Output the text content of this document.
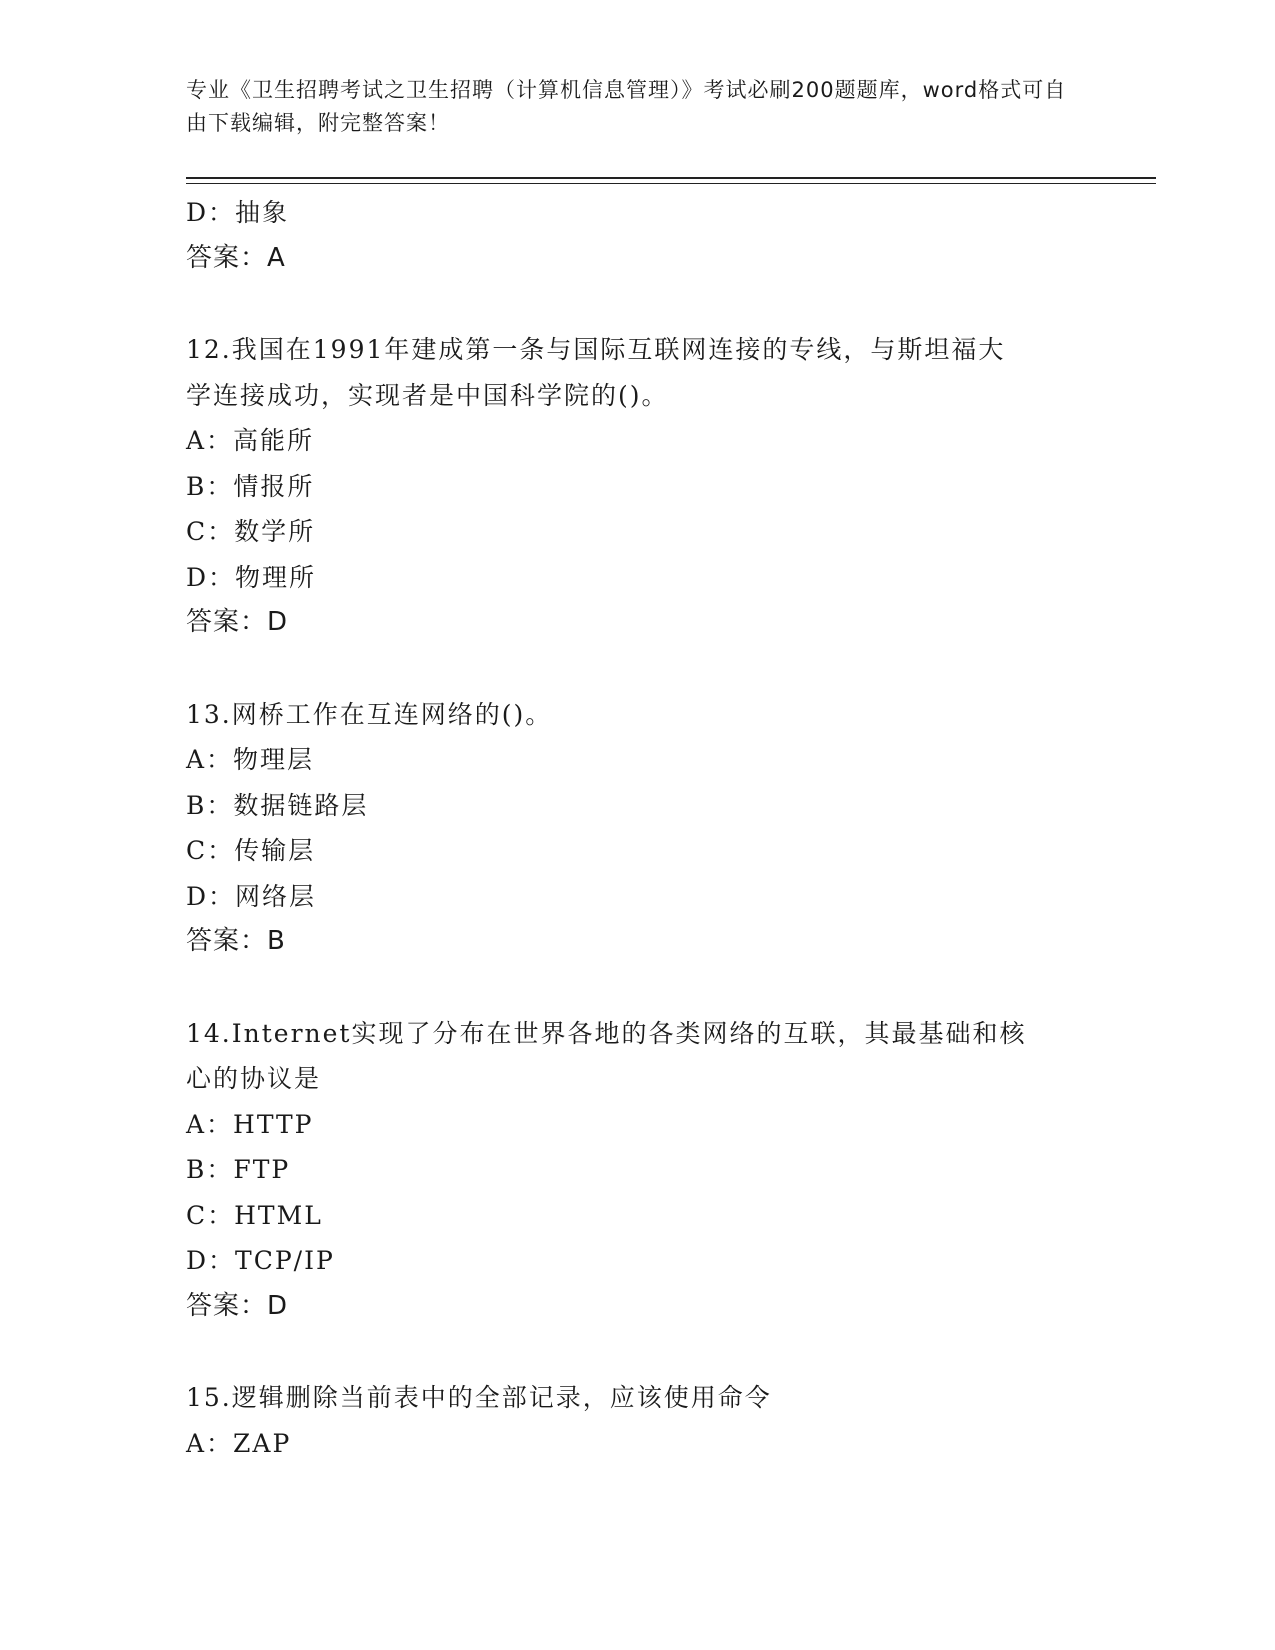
专业《卫生招聘考试之卫生招聘（计算机信息管理）》考试必刷200题题库，word格式可自由下载编辑，附完整答案！
D：抽象
答案：A
12.我国在1991年建成第一条与国际互联网连接的专线，与斯坦福大学连接成功，实现者是中国科学院的()。
A：高能所
B：情报所
C：数学所
D：物理所
答案：D
13.网桥工作在互连网络的()。
A：物理层
B：数据链路层
C：传输层
D：网络层
答案：B
14.Internet实现了分布在世界各地的各类网络的互联，其最基础和核心的协议是
A：HTTP
B：FTP
C：HTML
D：TCP/IP
答案：D
15.逻辑删除当前表中的全部记录，应该使用命令
A：ZAP
